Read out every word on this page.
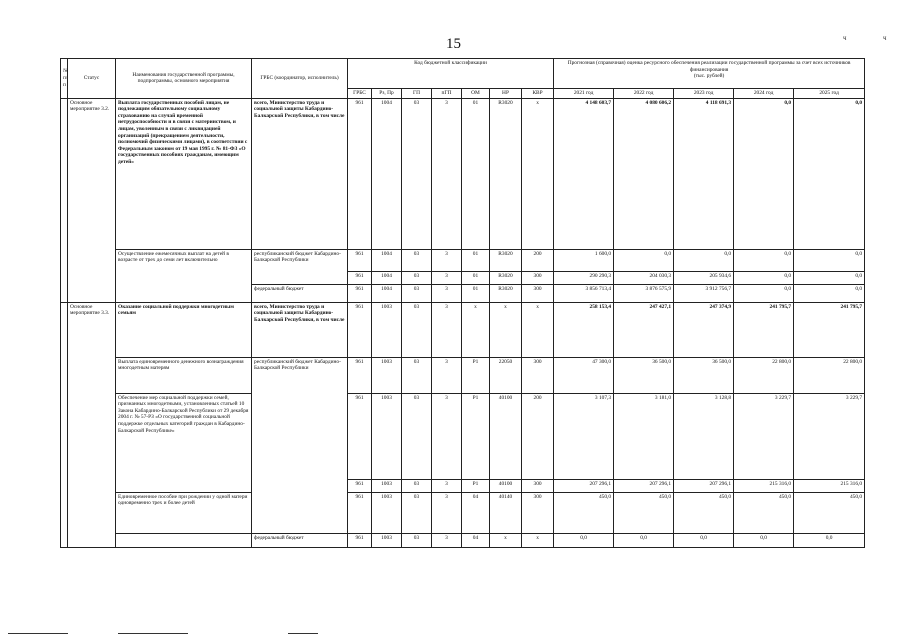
15	ч	ч
№
п/п	Статус	Наименования государственной программы, подпрограммы, основного мероприятия	ГРБС (координатор, исполнитель)	Код бюджетной классификации							Прогнозная (справочная) оценка ресурсного обеспечения реализации государственной программы за счет всех источников финансирования
(тыс. рублей)				
				ГРБС	Рз, Пр	ГП	пГП	ОМ	НР	КВР	2021 год	2022 год	2023 год	2024 год	2025 год
	Основное мероприятие 3.2.	Выплата государственных пособий лицам, не подлежащим обязательному социальному страхованию на случай временной нетрудоспособности и в связи с материнством, и лицам, уволенным в связи с ликвидацией организаций (прекращением деятельности, полномочий физическими лицами), в соответствии с Федеральным законом от 19 мая 1995 г. № 81-ФЗ «О государственных пособиях гражданам, имеющим детей»	всего, Министерство труда и социальной защиты Кабардино-Балкарской Республики, в том числе	961	1004	03	3	01	R3020	х	4 148 603,7	4 080 606,2	4 118 691,3	0,0	0,0
		Осуществление ежемесячных выплат на детей в возрасте от трех до семи лет включительно	республиканский бюджет Кабардино-Балкарской Республики	961	1004	03	3	01	R3020	200	1 600,0	0,0	0,0	0,0	0,0
				961	1004	03	3	01	R3020	300	290 290,3	204 030,3	205 934,6	0,0	0,0
			федеральный бюджет	961	1004	03	3	01	R3020	300	3 856 713,4	3 876 575,9	3 912 756,7	0,0	0,0
	Основное мероприятие 3.3.	Оказание социальной поддержки многодетным семьям	всего, Министерство труда и социальной защиты Кабардино-Балкарской Республики, в том числе	961	1003	03	3	х	х	х	258 153,4	247 427,1	247 374,9	241 795,7	241 795,7
		Выплата единовременного денежного вознаграждения многодетным матерям	республиканский бюджет Кабардино-Балкарской Республики	961	1003	03	3	Р1	22050	300	47 300,0	36 500,0	36 500,0	22 800,0	22 800,0
		Обеспечение мер социальной поддержки семей, признанных многодетными, установленных статьей 10 Закона Кабардино-Балкарской Республики от 29 декабря 2004 г. № 57-РЗ «О государственной социальной поддержке отдельных категорий граждан в Кабардино-Балкарской Республике»		961	1003	03	3	Р1	40100	200	3 107,3	3 181,0	3 128,8	3 229,7	3 229,7
				961	1003	03	3	Р1	40100	300	207 296,1	207 296,1	207 296,1	215 316,0	215 316,0
		Единовременное пособие при рождении у одной матери одновременно трех и более детей		961	1003	03	3	04	40140	300	450,0	450,0	450,0	450,0	450,0
			федеральный бюджет	961	1003	03	3	04	х	х	0,0	0,0	0,0	0,0	0,0
